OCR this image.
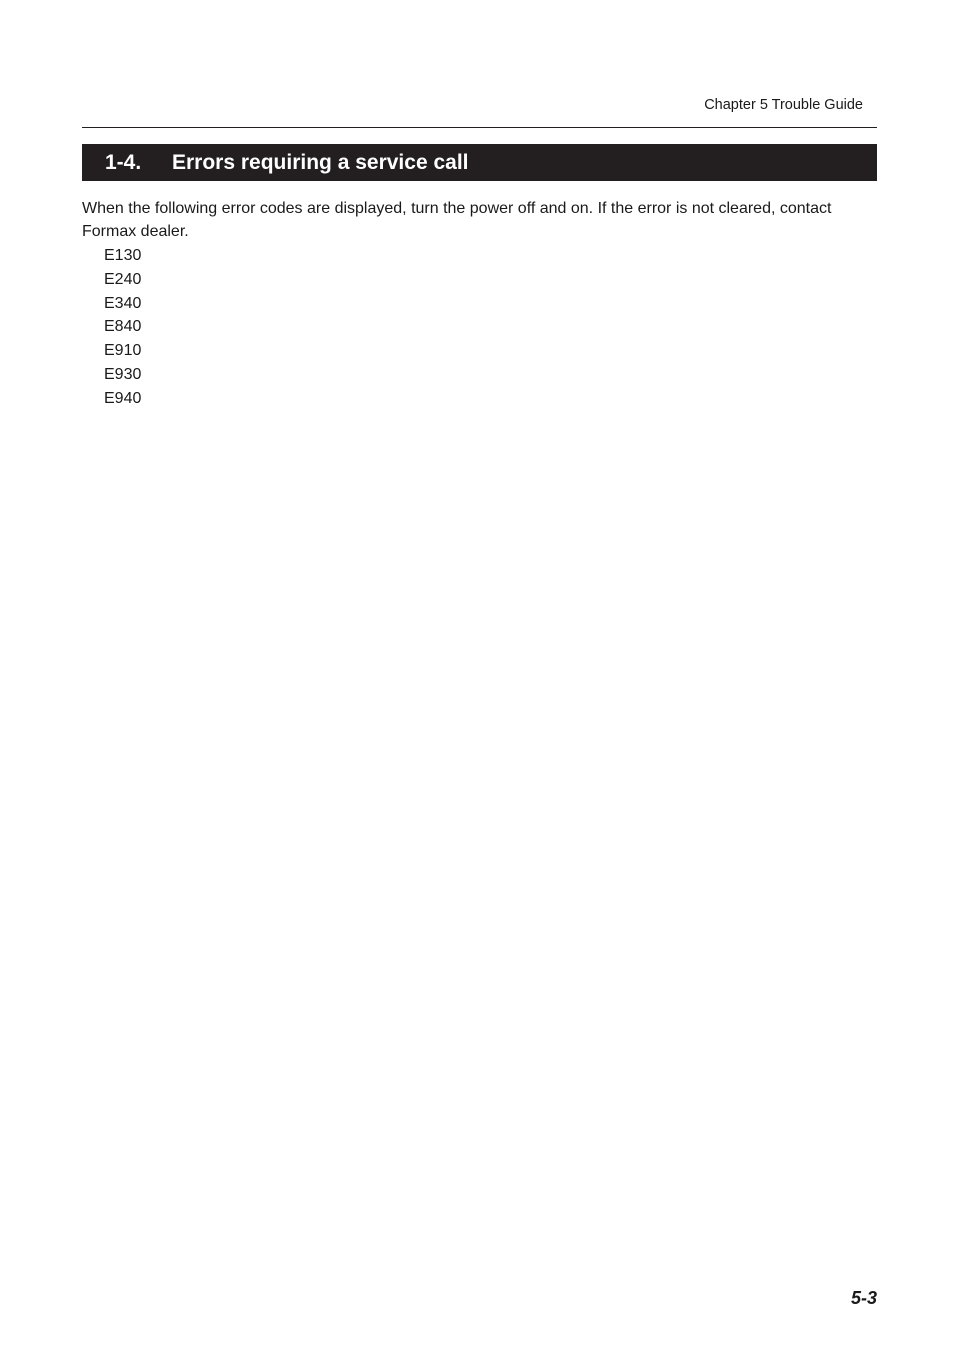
Chapter 5 Trouble Guide
1-4.	Errors requiring a service call

When the following error codes are displayed, turn the power off and on. If the error is not cleared, contact Formax dealer.

E130
E240
E340
E840
E910
E930
E940
5-3
